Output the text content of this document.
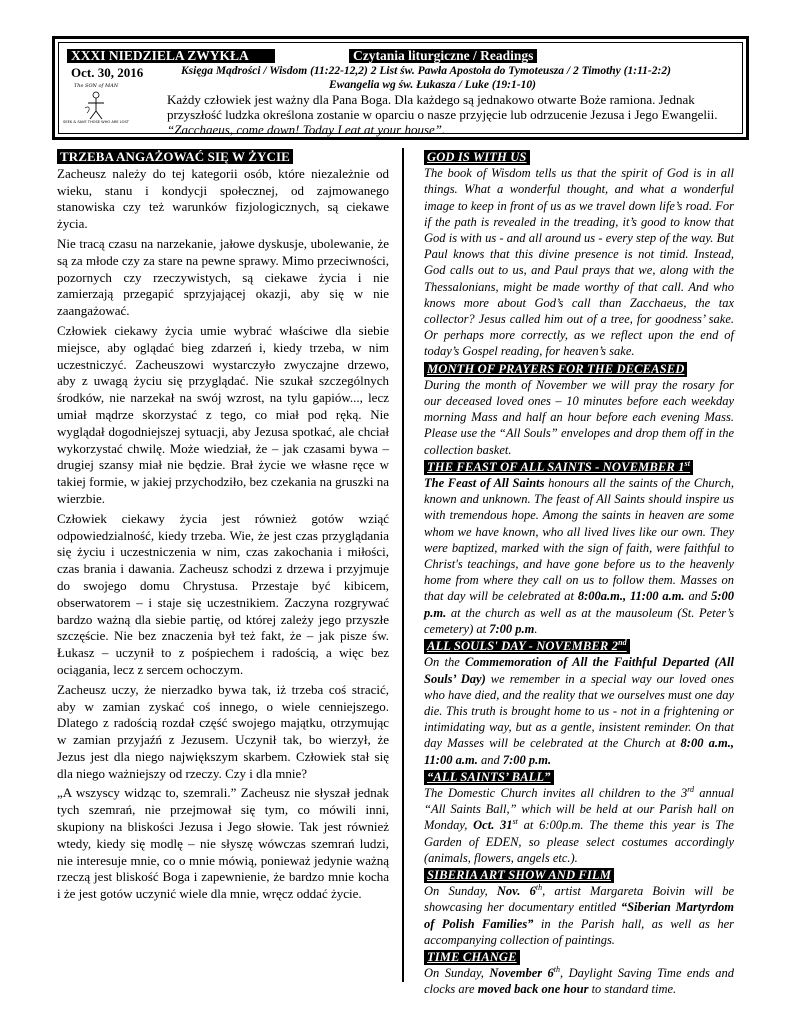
XXXI NIEDZIELA ZWYKŁA	Czytania liturgiczne / Readings
Oct. 30, 2016	Księga Mądrości / Wisdom (11:22-12,2) 2 List św. Pawła Apostoła do Tymoteusza / 2 Timothy (1:11-2:2)
Ewangelia wg św. Łukasza / Luke (19:1-10)
The SON of MAN
SEEK & SAVE THOSE WHO ARE LOST
Każdy człowiek jest ważny dla Pana Boga. Dla każdego są jednakowo otwarte Boże ramiona. Jednak przyszłość ludzka określona zostanie w oparciu o nasze przyjęcie lub odrzucenie Jezusa i Jego Ewangelii.
“Zacchaeus, come down! Today I eat at your house”.
TRZEBA ANGAŻOWAĆ SIĘ W ŻYCIE

Zacheusz należy do tej kategorii osób, które niezależnie od wieku, stanu i kondycji społecznej, od zajmowanego stanowiska czy też warunków fizjologicznych, są ciekawe życia.

Nie tracą czasu na narzekanie, jałowe dyskusje, ubolewanie, że są za młode czy za stare na pewne sprawy. Mimo przeciwności, pozornych czy rzeczywistych, są ciekawe życia i nie zamierzają przegapić sprzyjającej okazji, aby się w nie zaangażować.

Człowiek ciekawy życia umie wybrać właściwe dla siebie miejsce, aby oglądać bieg zdarzeń i, kiedy trzeba, w nim uczestniczyć. Zacheuszowi wystarczyło zwyczajne drzewo, aby z uwagą życiu się przyglądać. Nie szukał szczególnych środków, nie narzekał na swój wzrost, na tylu gapiów..., lecz umiał mądrze skorzystać z tego, co miał pod ręką. Nie wyglądał dogodniejszej sytuacji, aby Jezusa spotkać, ale chciał wykorzystać chwilę. Może wiedział, że – jak czasami bywa – drugiej szansy miał nie będzie. Brał życie we własne ręce w takiej formie, w jakiej przychodziło, bez czekania na gruszki na wierzbie.

Człowiek ciekawy życia jest również gotów wziąć odpowiedzialność, kiedy trzeba. Wie, że jest czas przyglądania się życiu i uczestniczenia w nim, czas zakochania i miłości, czas brania i dawania. Zacheusz schodzi z drzewa i przyjmuje do swojego domu Chrystusa. Przestaje być kibicem, obserwatorem – i staje się uczestnikiem. Zaczyna rozgrywać bardzo ważną dla siebie partię, od której zależy jego przyszłe szczęście. Nie bez znaczenia był też fakt, że – jak pisze św. Łukasz – uczynił to z pośpiechem i radością, a więc bez ociągania, lecz z sercem ochoczym.

Zacheusz uczy, że nierzadko bywa tak, iż trzeba coś stracić, aby w zamian zyskać coś innego, o wiele cenniejszego. Dlatego z radością rozdał część swojego majątku, otrzymując w zamian przyjaźń z Jezusem. Uczynił tak, bo wierzył, że Jezus jest dla niego największym skarbem. Człowiek stał się dla niego ważniejszy od rzeczy. Czy i dla mnie?

„A wszyscy widząc to, szemrali.” Zacheusz nie słyszał jednak tych szemrań, nie przejmował się tym, co mówili inni, skupiony na bliskości Jezusa i Jego słowie. Tak jest również wtedy, kiedy się modlę – nie słyszę wówczas szemrań ludzi, nie interesuje mnie, co o mnie mówią, ponieważ jedynie ważną rzeczą jest bliskość Boga i zapewnienie, że bardzo mnie kocha i że jest gotów uczynić wiele dla mnie, wręcz oddać życie.

GOD IS WITH US

The book of Wisdom tells us that the spirit of God is in all things. What a wonderful thought, and what a wonderful image to keep in front of us as we travel down life’s road. For if the path is revealed in the treading, it’s good to know that God is with us - and all around us - every step of the way. But Paul knows that this divine presence is not timid. Instead, God calls out to us, and Paul prays that we, along with the Thessalonians, might be made worthy of that call. And who knows more about God’s call than Zacchaeus, the tax collector? Jesus called him out of a tree, for goodness’ sake. Or perhaps more correctly, as we reflect upon the end of today’s Gospel reading, for heaven’s sake.

MONTH OF PRAYERS FOR THE DECEASED

During the month of November we will pray the rosary for our deceased loved ones – 10 minutes before each weekday morning Mass and half an hour before each evening Mass. Please use the “All Souls” envelopes and drop them off in the collection basket.

THE FEAST OF ALL SAINTS - NOVEMBER 1st

The Feast of All Saints honours all the saints of the Church, known and unknown. The feast of All Saints should inspire us with tremendous hope. Among the saints in heaven are some whom we have known, who all lived lives like our own. They were baptized, marked with the sign of faith, were faithful to Christ's teachings, and have gone before us to the heavenly home from where they call on us to follow them. Masses on that day will be celebrated at 8:00a.m., 11:00 a.m. and 5:00 p.m. at the church as well as at the mausoleum (St. Peter’s cemetery) at 7:00 p.m.

ALL SOULS' DAY - NOVEMBER 2nd

On the Commemoration of All the Faithful Departed (All Souls’ Day) we remember in a special way our loved ones who have died, and the reality that we ourselves must one day die. This truth is brought home to us - not in a frightening or intimidating way, but as a gentle, insistent reminder. On that day Masses will be celebrated at the Church at 8:00 a.m., 11:00 a.m. and 7:00 p.m.

“ALL SAINTS’ BALL”

The Domestic Church invites all children to the 3rd annual “All Saints Ball,” which will be held at our Parish hall on Monday, Oct. 31st at 6:00p.m. The theme this year is The Garden of EDEN, so please select costumes accordingly (animals, flowers, angels etc.).

SIBERIA ART SHOW AND FILM

On Sunday, Nov. 6th, artist Margareta Boivin will be showcasing her documentary entitled “Siberian Martyrdom of Polish Families” in the Parish hall, as well as her accompanying collection of paintings.

TIME CHANGE

On Sunday, November 6th, Daylight Saving Time ends and clocks are moved back one hour to standard time.
